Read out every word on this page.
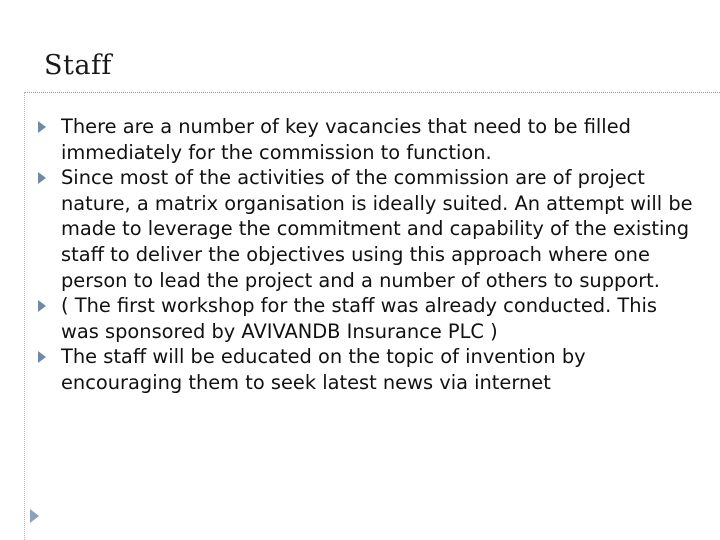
Staff
There are a number of key vacancies that need to be filled immediately for the commission to function.
Since most of the activities of the commission are of project nature, a matrix organisation is ideally suited. An attempt will be made to leverage the commitment and capability of the existing staff to deliver the objectives using this approach where one person to lead the project and a number of others to support.
( The first workshop for the staff was already conducted. This was sponsored by AVIVANDB Insurance PLC )
The staff will be educated on the topic of invention by encouraging them to seek latest news via internet
